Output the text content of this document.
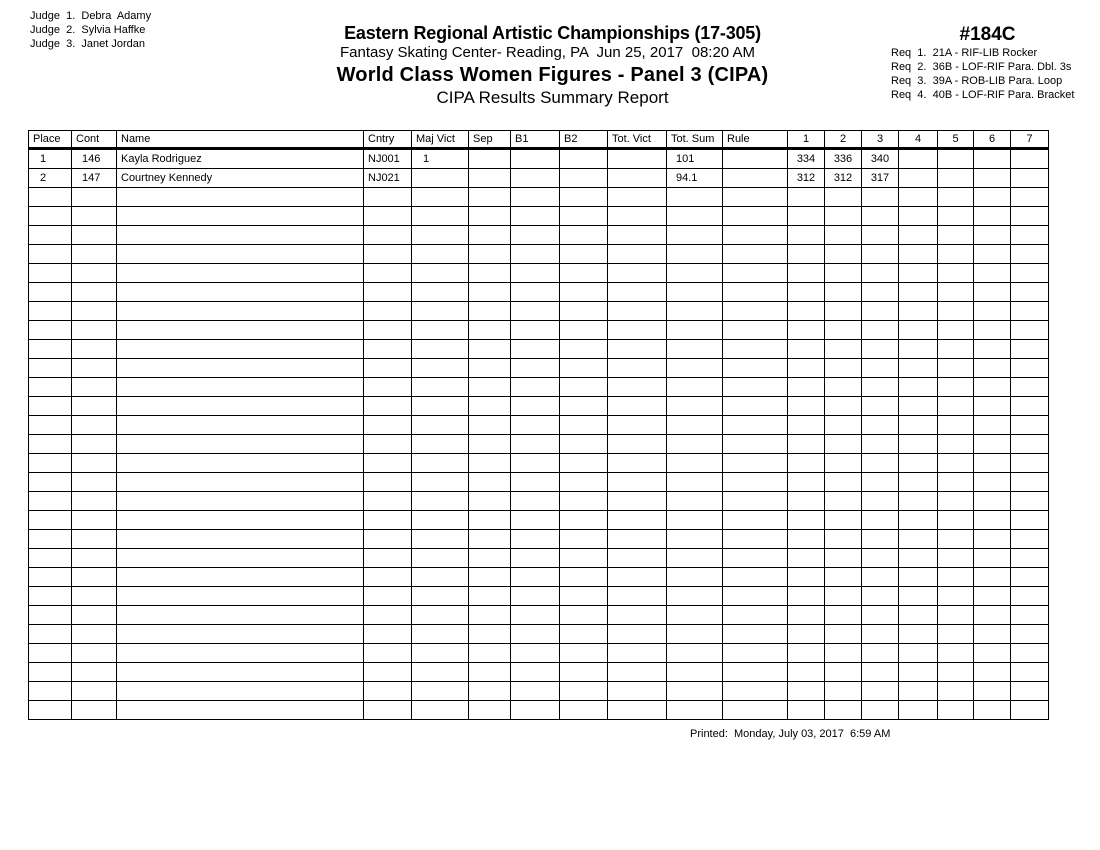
Judge  1.  Debra  Adamy
Judge  2.  Sylvia Haffke
Judge  3.  Janet Jordan
Eastern Regional Artistic Championships (17-305)
Fantasy Skating Center- Reading, PA  Jun 25, 2017  08:20 AM
World Class Women Figures - Panel 3 (CIPA)
CIPA Results Summary Report
#184C
Req  1.  21A - RIF-LIB Rocker
Req  2.  36B - LOF-RIF Para. Dbl. 3s
Req  3.  39A - ROB-LIB Para. Loop
Req  4.  40B - LOF-RIF Para. Bracket
Place	Cont	Name	Cntry	Maj Vict	Sep	B1	B2	Tot. Vict	Tot. Sum	Rule	1	2	3	4	5	6	7
1	146	Kayla Rodriguez	NJ001	1					101		334	336	340				
2	147	Courtney Kennedy	NJ021						94.1		312	312	317				

Printed:  Monday, July 03, 2017  6:59 AM
